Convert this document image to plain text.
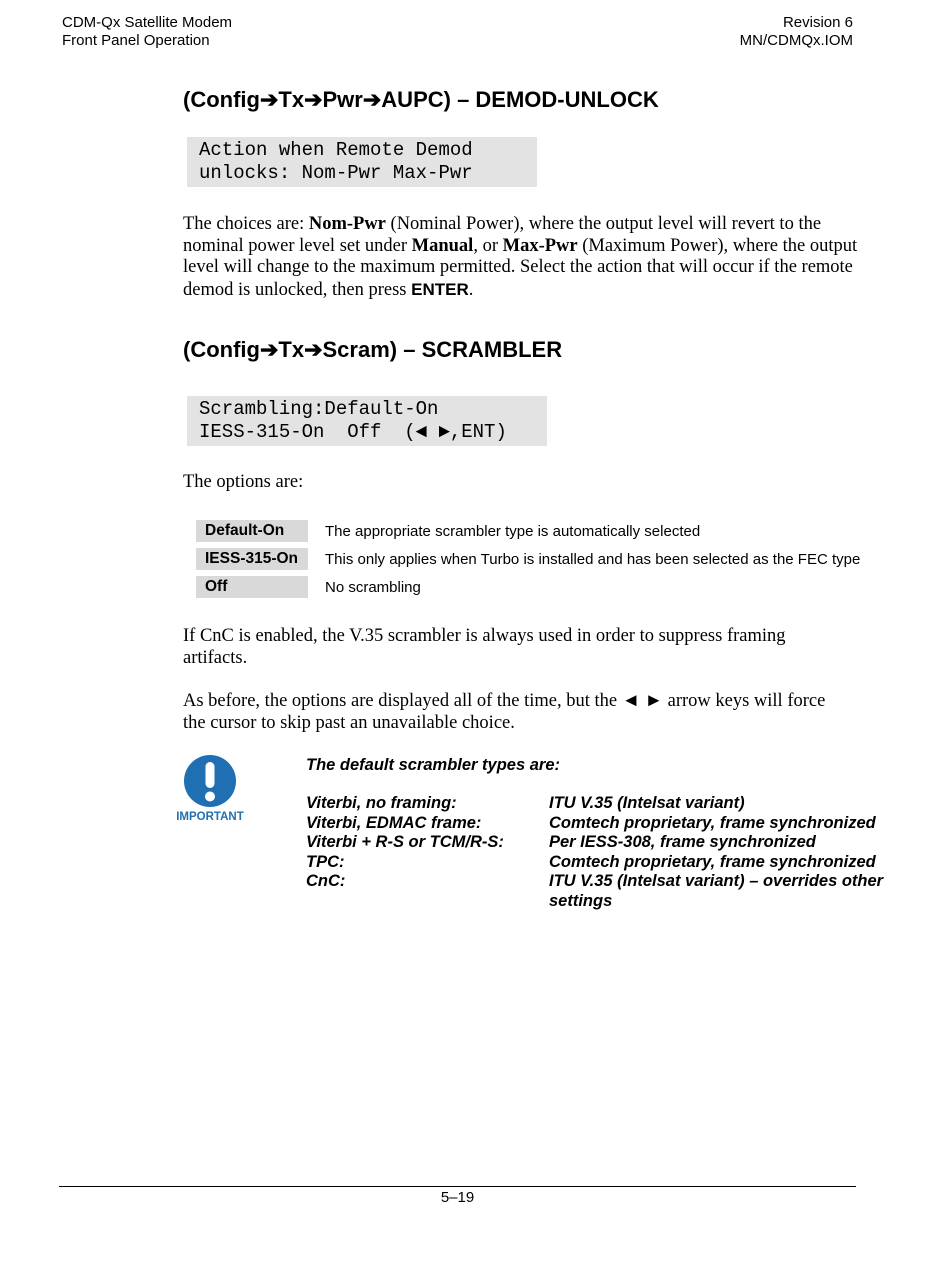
CDM-Qx Satellite Modem
Front Panel Operation
Revision 6
MN/CDMQx.IOM
(Config➔Tx➔Pwr➔AUPC) – DEMOD-UNLOCK
Action when Remote Demod
unlocks: Nom-Pwr Max-Pwr
The choices are: Nom-Pwr (Nominal Power), where the output level will revert to the nominal power level set under Manual, or Max-Pwr (Maximum Power), where the output level will change to the maximum permitted. Select the action that will occur if the remote demod is unlocked, then press ENTER.
(Config➔Tx➔Scram) – SCRAMBLER
Scrambling:Default-On
IESS-315-On  Off  (◄ ►,ENT)
The options are:
Default-On	The appropriate scrambler type is automatically selected
IESS-315-On	This only applies when Turbo is installed and has been selected as the FEC type
Off	No scrambling
If CnC is enabled, the V.35 scrambler is always used in order to suppress framing artifacts.
As before, the options are displayed all of the time, but the ◄ ► arrow keys will force the cursor to skip past an unavailable choice.
IMPORTANT
The default scrambler types are:
Viterbi, no framing:	ITU V.35 (Intelsat variant)
Viterbi, EDMAC frame:	Comtech proprietary, frame synchronized
Viterbi + R-S or TCM/R-S:	Per IESS-308, frame synchronized
TPC:	Comtech proprietary, frame synchronized
CnC:	ITU V.35 (Intelsat variant) – overrides other settings
5–19
